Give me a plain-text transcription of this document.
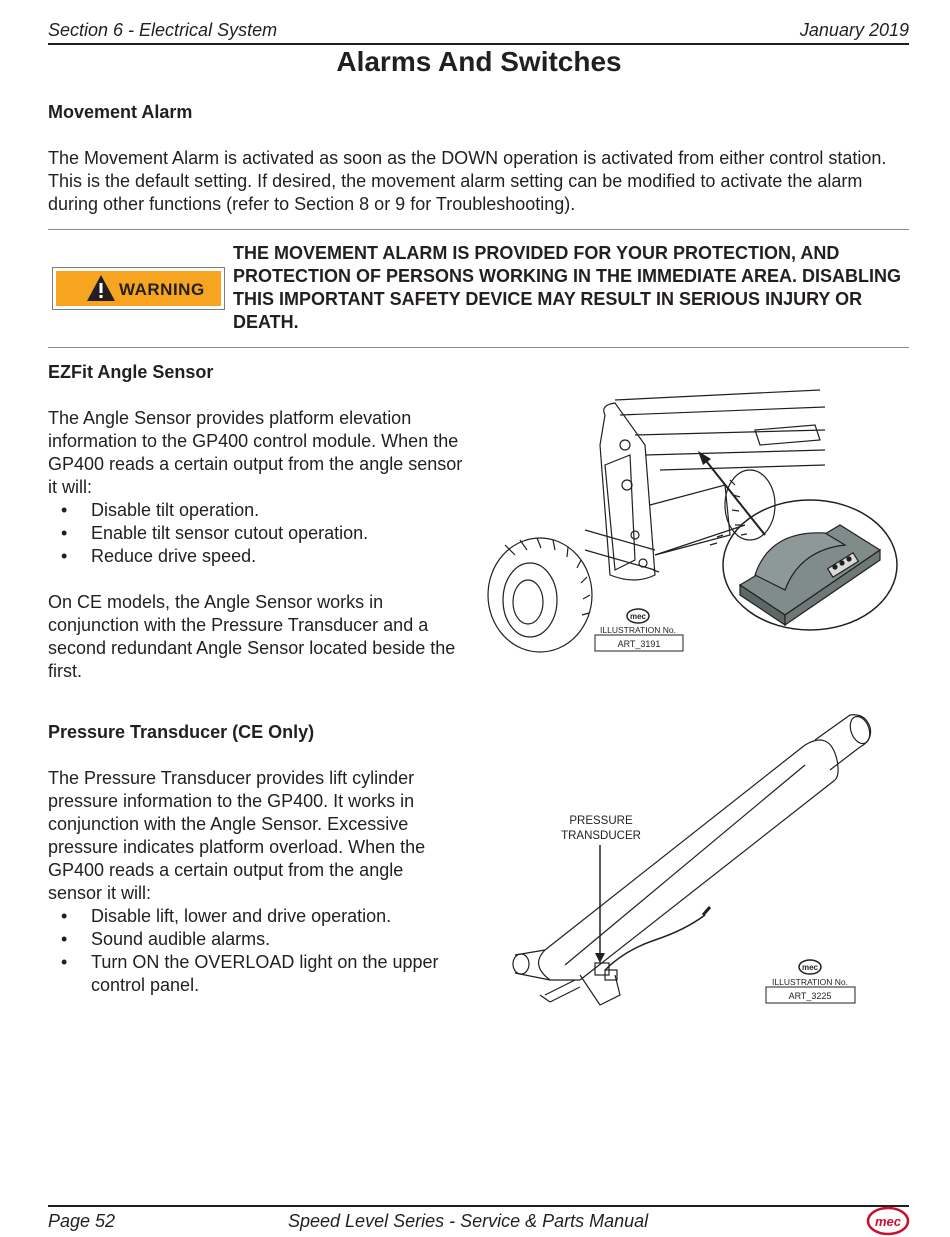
Section 6 - Electrical System	January 2019
Alarms And Switches
Movement Alarm

The Movement Alarm is activated as soon as the DOWN operation is activated from either control station. This is the default setting. If desired, the movement alarm setting can be modified to activate the alarm during other functions (refer to Section 8 or 9 for Troubleshooting).

WARNING
THE MOVEMENT ALARM IS PROVIDED FOR YOUR PROTECTION, AND PROTECTION OF PERSONS WORKING IN THE IMMEDIATE AREA. DISABLING THIS IMPORTANT SAFETY DEVICE MAY RESULT IN SERIOUS INJURY OR DEATH.
EZFit Angle Sensor

The Angle Sensor provides platform elevation information to the GP400 control module. When the GP400 reads a certain output from the angle sensor it will:

• Disable tilt operation.
• Enable tilt sensor cutout operation.
• Reduce drive speed.

On CE models, the Angle Sensor works in conjunction with the Pressure Transducer and a second redundant Angle Sensor located beside the first.

mec
ILLUSTRATION No.
ART_3191
Pressure Transducer (CE Only)

The Pressure Transducer provides lift cylinder pressure information to the GP400. It works in conjunction with the Angle Sensor. Excessive pressure indicates platform overload. When the GP400 reads a certain output from the angle sensor it will:

• Disable lift, lower and drive operation.
• Sound audible alarms.
• Turn ON the OVERLOAD light on the upper control panel.
PRESSURE
TRANSDUCER
mec
ILLUSTRATION No.
ART_3225
Page 52	Speed Level Series - Service & Parts Manual	mec
